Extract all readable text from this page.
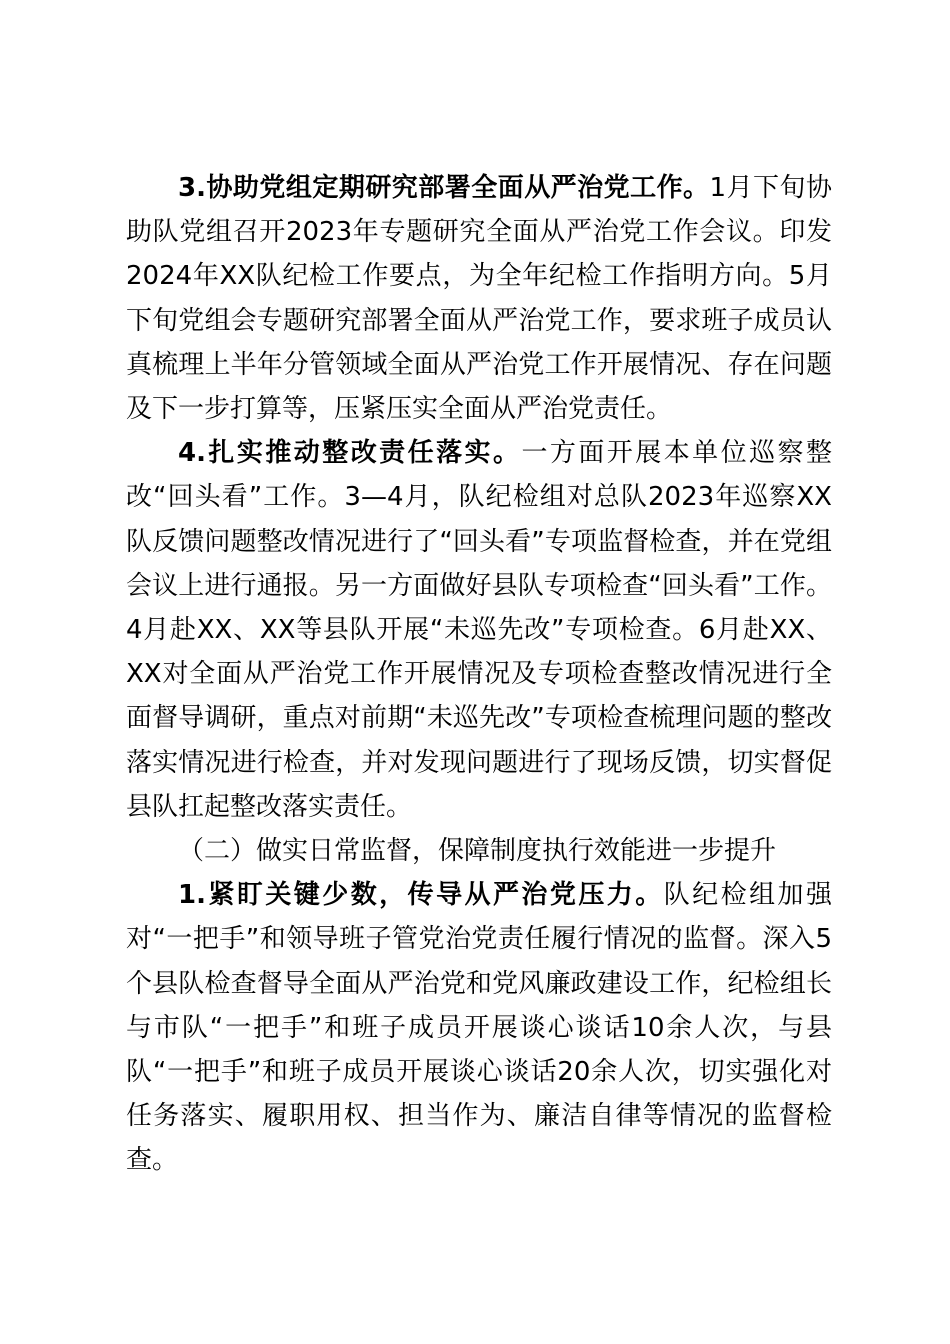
3.协助党组定期研究部署全面从严治党工作。1月下旬协助队党组召开2023年专题研究全面从严治党工作会议。印发2024年XX队纪检工作要点，为全年纪检工作指明方向。5月下旬党组会专题研究部署全面从严治党工作，要求班子成员认真梳理上半年分管领域全面从严治党工作开展情况、存在问题及下一步打算等，压紧压实全面从严治党责任。

4.扎实推动整改责任落实。一方面开展本单位巡察整改“回头看”工作。3—4月，队纪检组对总队2023年巡察XX队反馈问题整改情况进行了“回头看”专项监督检查，并在党组会议上进行通报。另一方面做好县队专项检查“回头看”工作。4月赴XX、XX等县队开展“未巡先改”专项检查。6月赴XX、XX对全面从严治党工作开展情况及专项检查整改情况进行全面督导调研，重点对前期“未巡先改”专项检查梳理问题的整改落实情况进行检查，并对发现问题进行了现场反馈，切实督促县队扛起整改落实责任。

（二）做实日常监督，保障制度执行效能进一步提升

1.紧盯关键少数，传导从严治党压力。队纪检组加强对“一把手”和领导班子管党治党责任履行情况的监督。深入5个县队检查督导全面从严治党和党风廉政建设工作，纪检组长与市队“一把手”和班子成员开展谈心谈话10余人次，与县队“一把手”和班子成员开展谈心谈话20余人次，切实强化对任务落实、履职用权、担当作为、廉洁自律等情况的监督检查。
